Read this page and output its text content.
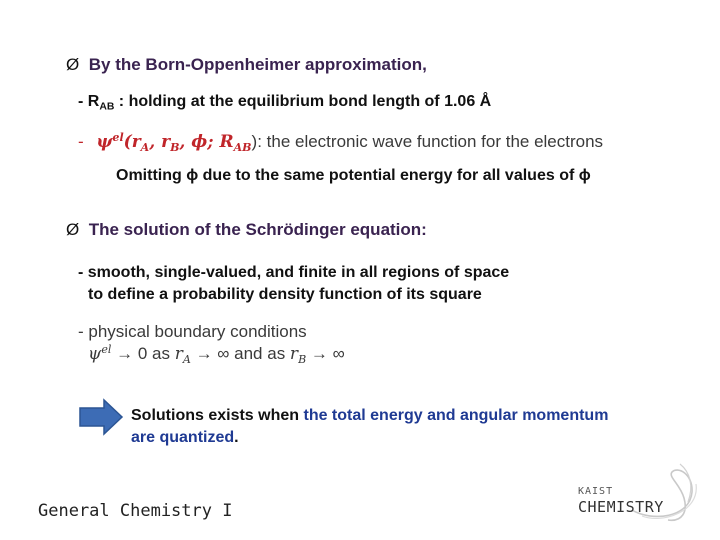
Ø By the Born-Oppenheimer approximation,
- $R_{AB}$ : holding at the equilibrium bond length of 1.06 Å
- $\psi^{el}(r_A$, $r_B$, ϕ; $R_{AB}$): the electronic wave function for the electrons
Omitting ϕ due to the same potential energy for all values of ϕ
Ø The solution of the Schrödinger equation:
- smooth, single-valued, and finite in all regions of space
to define a probability density function of its square
- physical boundary conditions
$\psi^{el} \to 0$ as $r_A$ → ∞ and as $r_B$ → ∞
Solutions exists when the total energy and angular momentum
are quantized.
General Chemistry I
KAIST
CHEMISTRY
